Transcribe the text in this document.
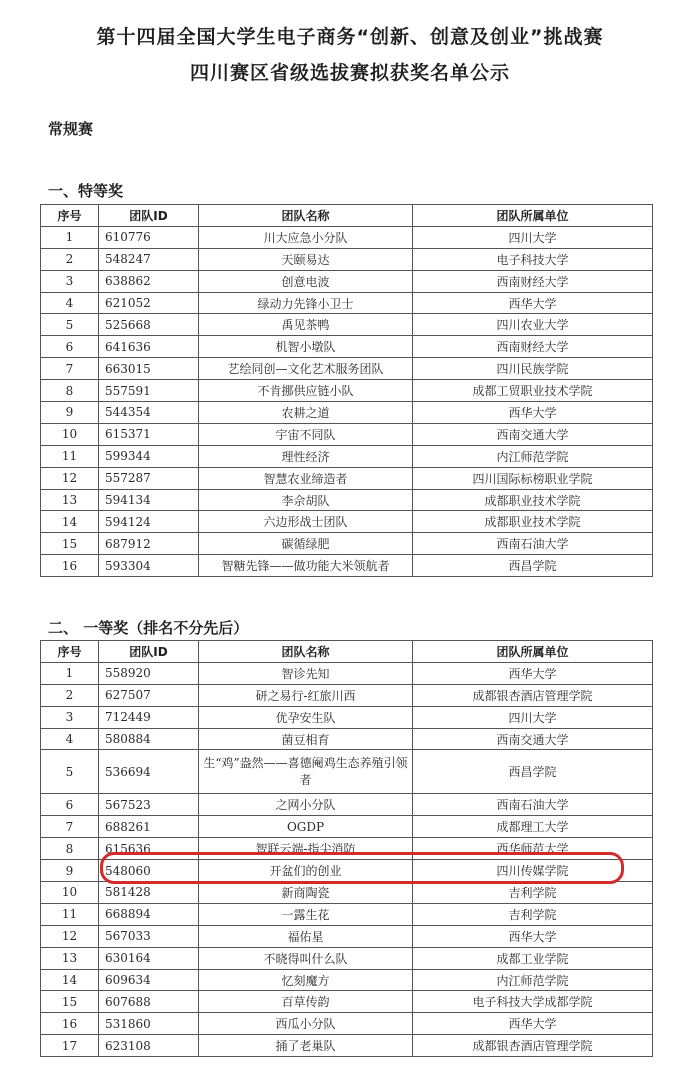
第十四届全国大学生电子商务“创新、创意及创业”挑战赛
四川赛区省级选拔赛拟获奖名单公示
常规赛
一、特等奖
序号	团队ID	团队名称	团队所属单位
1	610776	川大应急小分队	四川大学
2	548247	天颐易达	电子科技大学
3	638862	创意电波	西南财经大学
4	621052	绿动力先锋小卫士	西华大学
5	525668	禹见茶鸭	四川农业大学
6	641636	机智小墩队	西南财经大学
7	663015	艺绘同创—文化艺术服务团队	四川民族学院
8	557591	不肯挪供应链小队	成都工贸职业技术学院
9	544354	农耕之道	西华大学
10	615371	宇宙不同队	西南交通大学
11	599344	理性经济	内江师范学院
12	557287	智慧农业缔造者	四川国际标榜职业学院
13	594134	李佘胡队	成都职业技术学院
14	594124	六边形战士团队	成都职业技术学院
15	687912	碳循绿肥	西南石油大学
16	593304	智糖先锋——做功能大米领航者	西昌学院
二、 一等奖（排名不分先后）
序号	团队ID	团队名称	团队所属单位
1	558920	智诊先知	西华大学
2	627507	研之易行-红旅川西	成都银杏酒店管理学院
3	712449	优孕安生队	四川大学
4	580884	菌豆相育	西南交通大学
5	536694	生“鸡”盎然——喜德阉鸡生态养殖引领者	西昌学院
6	567523	之网小分队	西南石油大学
7	688261	OGDP	成都理工大学
8	615636	智联云端-指尖消防	西华师范大学
9	548060	开盆们的创业	四川传媒学院
10	581428	新商陶瓷	吉利学院
11	668894	一露生花	吉利学院
12	567033	福佑星	西华大学
13	630164	不晓得叫什么队	成都工业学院
14	609634	忆刻魔方	内江师范学院
15	607688	百草传韵	电子科技大学成都学院
16	531860	西瓜小分队	西华大学
17	623108	捅了老巢队	成都银杏酒店管理学院
